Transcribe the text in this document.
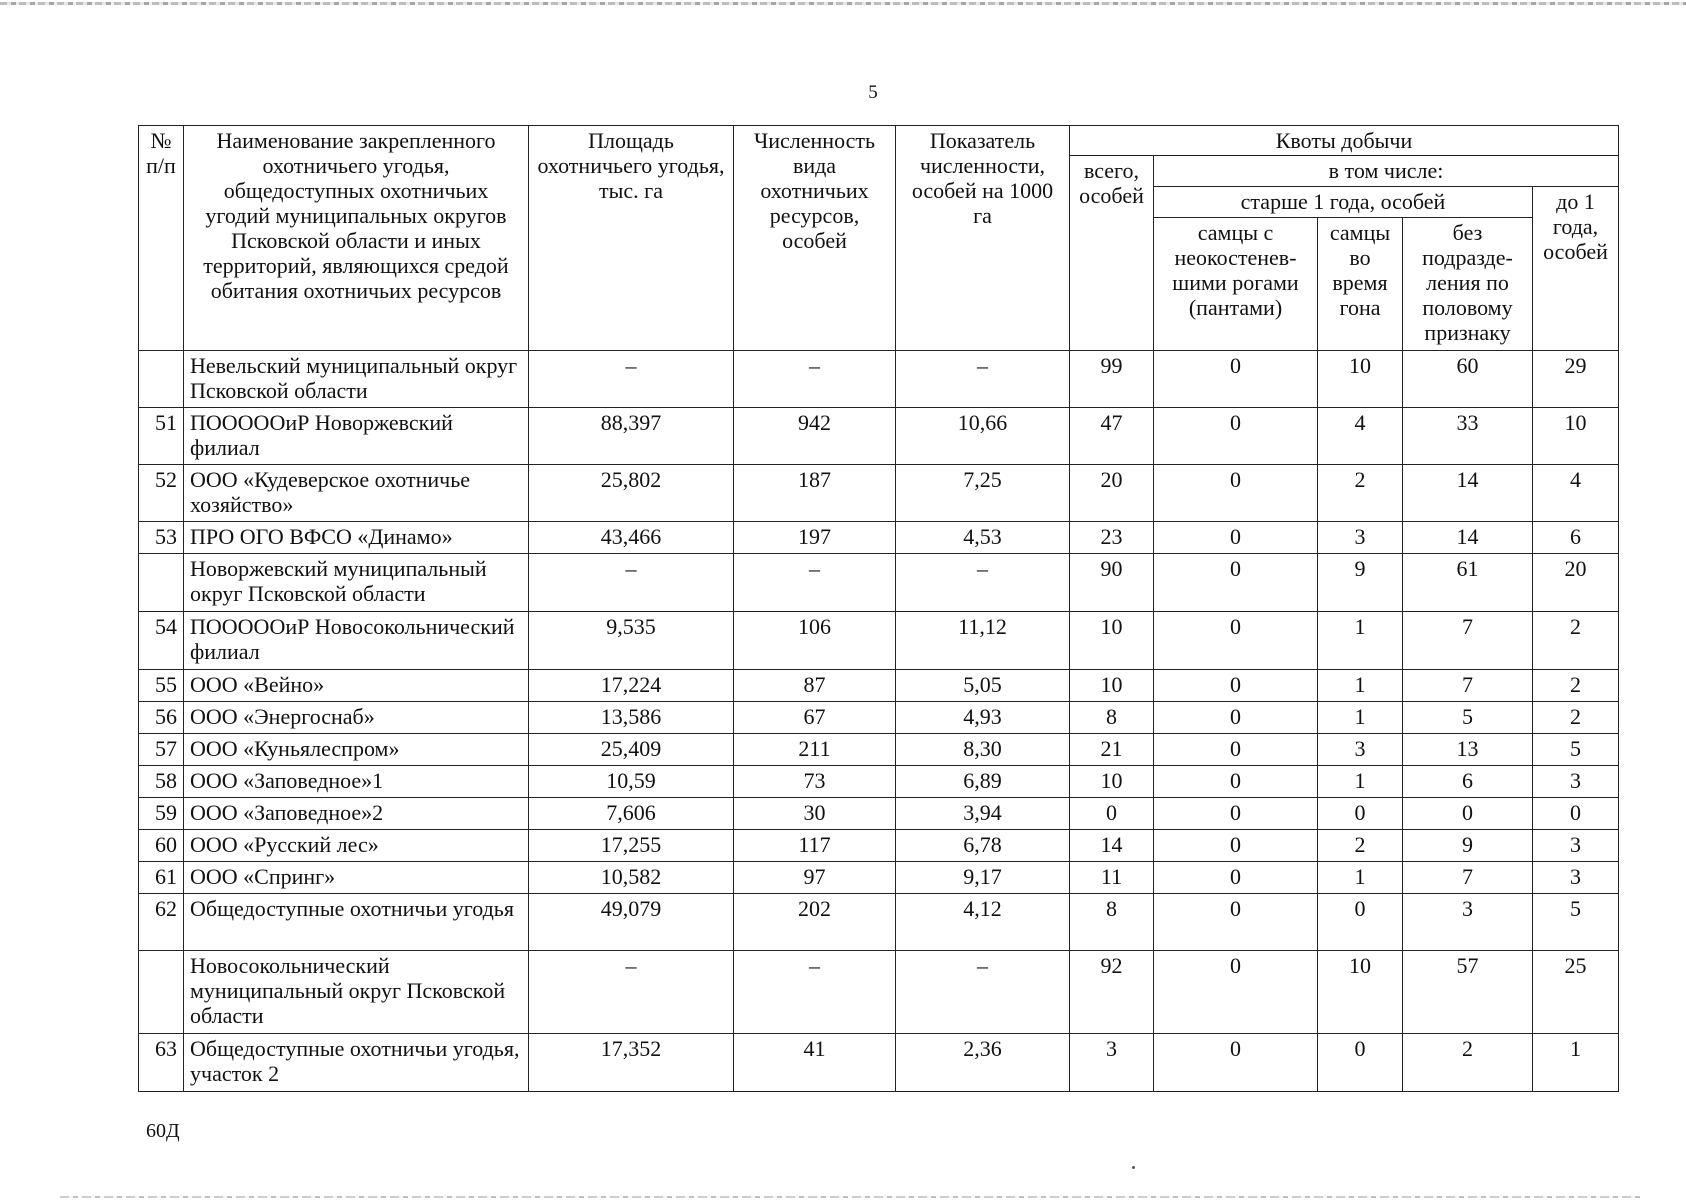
5
№ п/п	Наименование закрепленного охотничьего угодья, общедоступных охотничьих угодий муниципальных округов Псковской области и иных территорий, являющихся средой обитания охотничьих ресурсов	Площадь охотничьего угодья, тыс. га	Численность вида охотничьих ресурсов, особей	Показатель численности, особей на 1000 га	Квоты добычи				
					всего, особей	в том числе:			
						старше 1 года, особей			до 1 года, особей
						самцы с неокостенев-шими рогами (пантами)	самцы во время гона	без подразде-ления по половому признаку	
	Невельский муниципальный округ Псковской области	–	–	–	99	0	10	60	29
51	ПОООООиР Новоржевский филиал	88,397	942	10,66	47	0	4	33	10
52	ООО «Кудеверское охотничье хозяйство»	25,802	187	7,25	20	0	2	14	4
53	ПРО ОГО ВФСО «Динамо»	43,466	197	4,53	23	0	3	14	6
	Новоржевский муниципальный округ Псковской области	–	–	–	90	0	9	61	20
54	ПОООООиР Новосокольнический филиал	9,535	106	11,12	10	0	1	7	2
55	ООО «Вейно»	17,224	87	5,05	10	0	1	7	2
56	ООО «Энергоснаб»	13,586	67	4,93	8	0	1	5	2
57	ООО «Куньялеспром»	25,409	211	8,30	21	0	3	13	5
58	ООО «Заповедное»1	10,59	73	6,89	10	0	1	6	3
59	ООО «Заповедное»2	7,606	30	3,94	0	0	0	0	0
60	ООО «Русский лес»	17,255	117	6,78	14	0	2	9	3
61	ООО «Спринг»	10,582	97	9,17	11	0	1	7	3
62	Общедоступные охотничьи угодья	49,079	202	4,12	8	0	0	3	5
	Новосокольнический муниципальный округ Псковской области	–	–	–	92	0	10	57	25
63	Общедоступные охотничьи угодья, участок 2	17,352	41	2,36	3	0	0	2	1
60Д
